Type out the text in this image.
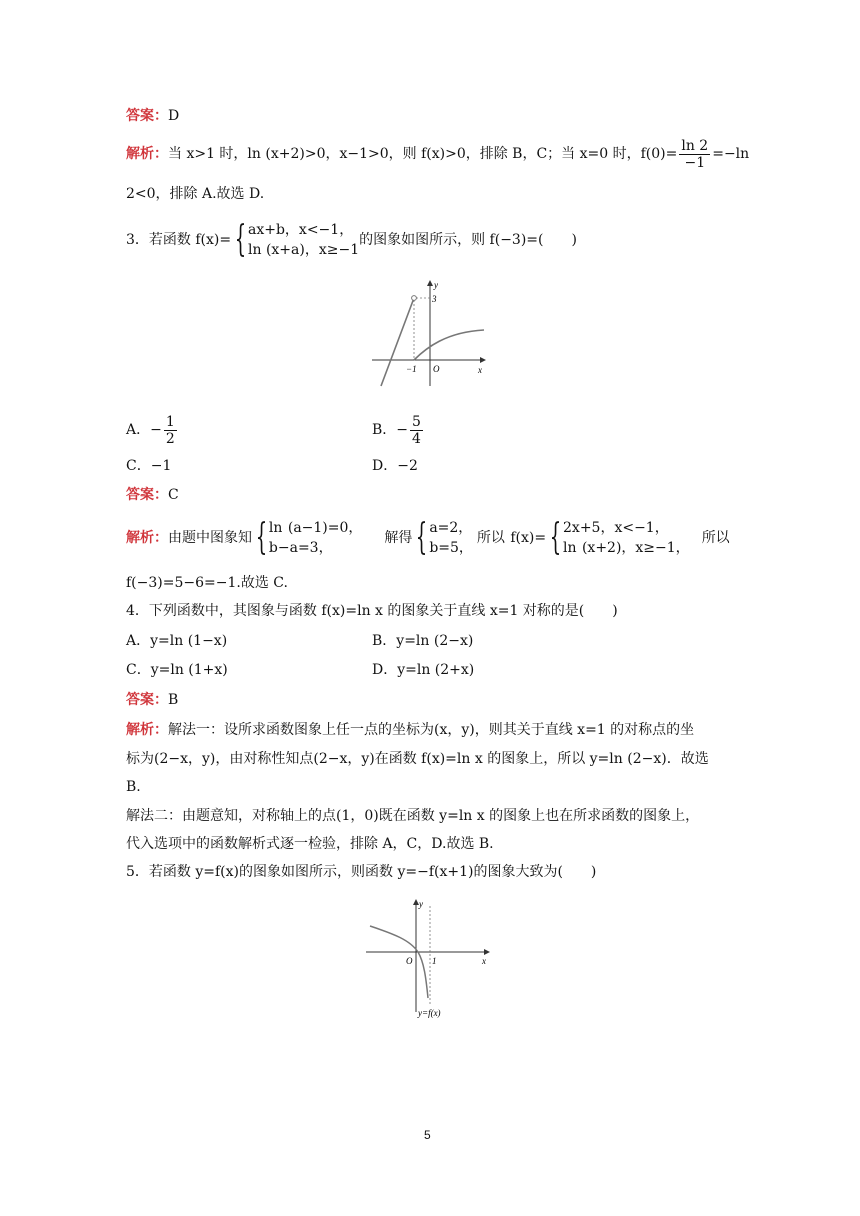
答案：D
解析：当 x>1 时，ln (x+2)>0，x−1>0，则 f(x)>0，排除 B，C；当 x=0 时，$f(0)= \frac{\ln 2}{-1} =-\ln$
2<0，排除 A.故选 D.
3．若函数 f(x)= { ax+b，x<−1，
ln (x+a)，x≥−1
的图象如图所示，则 f(−3)=(　　)
y
3
−1 O	x
A．− $\frac{1}{2}$	B．− $\frac{5}{4}$
C．−1	D．−2
答案：C
解析：由题中图象知 { ln (a−1)=0，
b−a=3，
解得 { a=2，
b=5，
所以 f(x)= { 2x+5，x<−1，
ln (x+2)，x≥−1，
所以
f(−3)=5−6=−1.故选 C.
4．下列函数中，其图象与函数 f(x)=ln x 的图象关于直线 x=1 对称的是(　　)
A．y=ln (1−x)	B．y=ln (2−x)
C．y=ln (1+x)	D．y=ln (2+x)
答案：B
解析：解法一：设所求函数图象上任一点的坐标为(x，y)，则其关于直线 x=1 的对称点的坐
标为(2−x，y)，由对称性知点(2−x，y)在函数 f(x)=ln x 的图象上，所以 y=ln (2−x)．故选
B.
解法二：由题意知，对称轴上的点(1，0)既在函数 y=ln x 的图象上也在所求函数的图象上，
代入选项中的函数解析式逐一检验，排除 A，C，D.故选 B.
5．若函数 y=f(x)的图象如图所示，则函数 y=−f(x+1)的图象大致为(　　)
y
O 1	x
y=f(x)
5
